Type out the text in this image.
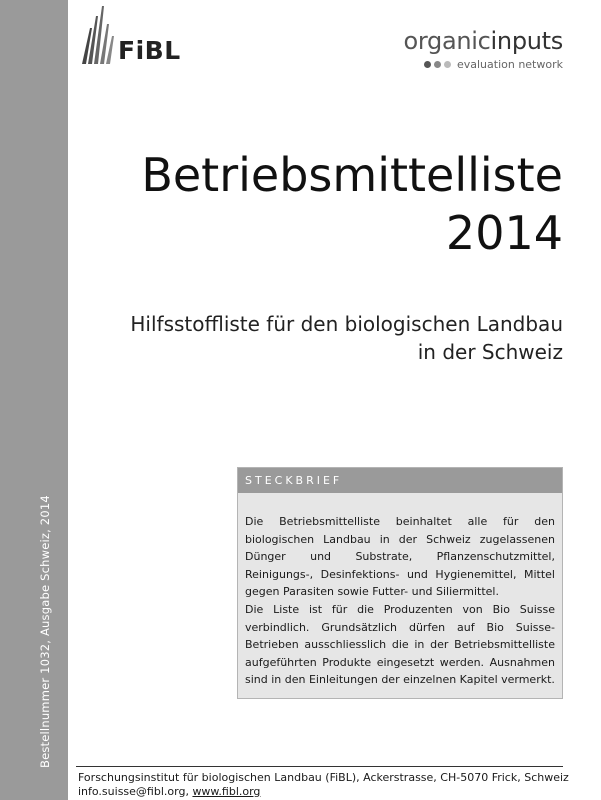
Bestellnummer 1032, Ausgabe Schweiz, 2014
FiBL	organicinputs
evaluation network
Betriebsmittelliste
2014
Hilfsstoffliste für den biologischen Landbau
in der Schweiz
STECKBRIEF

Die Betriebsmittelliste beinhaltet alle für den biologischen Landbau in der Schweiz zugelassenen Dünger und Substrate, Pflanzenschutzmittel, Reinigungs-, Desinfektions- und Hygienemittel, Mittel gegen Parasiten sowie Futter- und Siliermittel.

Die Liste ist für die Produzenten von Bio Suisse verbindlich. Grundsätzlich dürfen auf Bio Suisse-Betrieben ausschliesslich die in der Betriebsmittelliste aufgeführten Produkte eingesetzt werden. Ausnahmen sind in den Einleitungen der einzelnen Kapitel vermerkt.

Forschungsinstitut für biologischen Landbau (FiBL), Ackerstrasse, CH-5070 Frick, Schweiz
info.suisse@fibl.org, www.fibl.org
